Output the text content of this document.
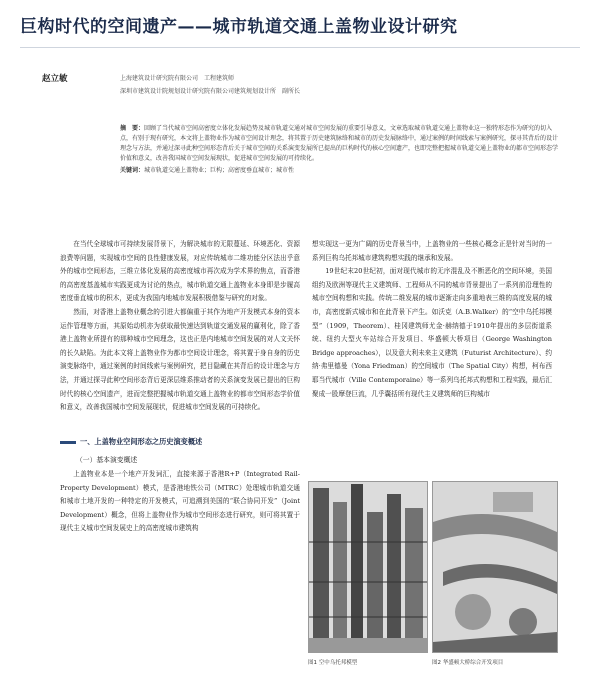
巨构时代的空间遗产——城市轨道交通上盖物业设计研究
赵立敏	上海建筑设计研究院有限公司　工程建筑师
深圳市建筑设计院规划设计研究院有限公司建筑规划设计所　副所长
摘　要：回顾了当代城市空间高密度立体化发展趋势及城市轨道交通对城市空间发展的重要引导意义，文章选取城市轨道交通上盖物业这一独特形态作为研究的切入点，有别于现有研究，本文将上盖物业作为城市空间设计理念，将其置于历史建筑脉络和城市的历史发展脉络中，通过案例的时间线索与案例研究，探寻其背后的设计理念与方法，并通过深寻此种空间形态背后关于城市空间的关系演变发展所已提出的巨构时代的核心空间遗产，也即完整把握城市轨道交通上盖物业的都市空间形态学价值和意义，改善我国城市空间发展现状，促进城市空间发展的可持续化。
关键词：城市轨道交通上盖物业；巨构；高密度垂直城市；城市性

在当代全球城市可持续发展背景下，为解决城市的无限蔓延、环境恶化、资源浪费等问题，实现城市空间的良性健康发展，对应传统城市二维功能分区法出乎意外的城市空间形态，三维立体化发展的高密度城市再次成为学术界的焦点，而香港的高密度基盖城市实践更成为讨论的热点，城市轨道交通上盖物业本身即是步履高密度垂直城市的积木，更成为我国内地城市发展积极借鉴与研究的对象。

然而，对香港上盖物业概念的引进大都偏重于其作为地产开发模式本身的资本运作管理等方面，其原始动机亦为获取最快速达到轨道交通发展的赢利化，除了香港上盖物业所提有的那种城市空间理念，这也正是内地城市空间发展的对人文关怀的长久缺陷。为此本文将上盖物业作为都市空间设计理念，将其置于身自身的历史演变脉络中，通过案例的时间线索与案例研究，把目隐藏在其背后的设计理念与方法，并通过探寻此种空间形态背后更深层维系推动者的关系演变发展已提出的巨构时代的核心空间遗产，进而完整把握城市轨道交通上盖物业的都市空间形态学价值和意义，改善我国城市空间发展现状，促进城市空间发展的可持续化。

想实现这一更为广阔的历史背景当中，上盖物业的一些核心概念正是针对当时的一系列巨构乌托邦城市建筑构想实践的继承和发展。

19世纪末20世纪初，面对现代城市的无序混乱及不断恶化的空间环境，美国组约及欧洲等现代主义建筑师、工程师从不同的城市背景提出了一系列前沿理性的城市空间构想和实践。传统二维发展的城市逐渐走向多重地表三维的高度发展的城市，高密度新式城市和在此背景下产生。如沃克（A.B.Walker）的“空中乌托邦模型”（1909，Theorem）、桂冈建筑师尤金·赫纳德于1910年提出的多层街道系统、纽约大型火车站综合开发项目、华盛顿大桥项目（George Washington Bridge approaches），以及意大利未来主义建筑（Futurist Architecture）、约纳·弗里德曼（Yona Friedman）的空间城市（The Spatial City）构想，柯布西耶当代城市（Ville Contemporaine）等一系列乌托邦式构想和工程实践，最后汇聚成一股摩登巨流，几乎囊括所有现代主义建筑师的巨构城市

一、上盖物业空间形态之历史演变概述
（一）基本演变概述

上盖物业本是一个地产开发词汇，直接来源于香港R+P（Integrated Rail-Property Development）模式，是香港地铁公司（MTRC）处理城市轨道交通和城市土地开发的一种特定的开发模式，可追溯到美国的“联合协同开发”（Joint Development）概念，但将上盖物业作为城市空间形态进行研究，则可将其置于现代主义城市空间发展史上的高密度城市建筑构

图1 空中乌托邦模型	图2 华盛顿大桥综合开发项目
